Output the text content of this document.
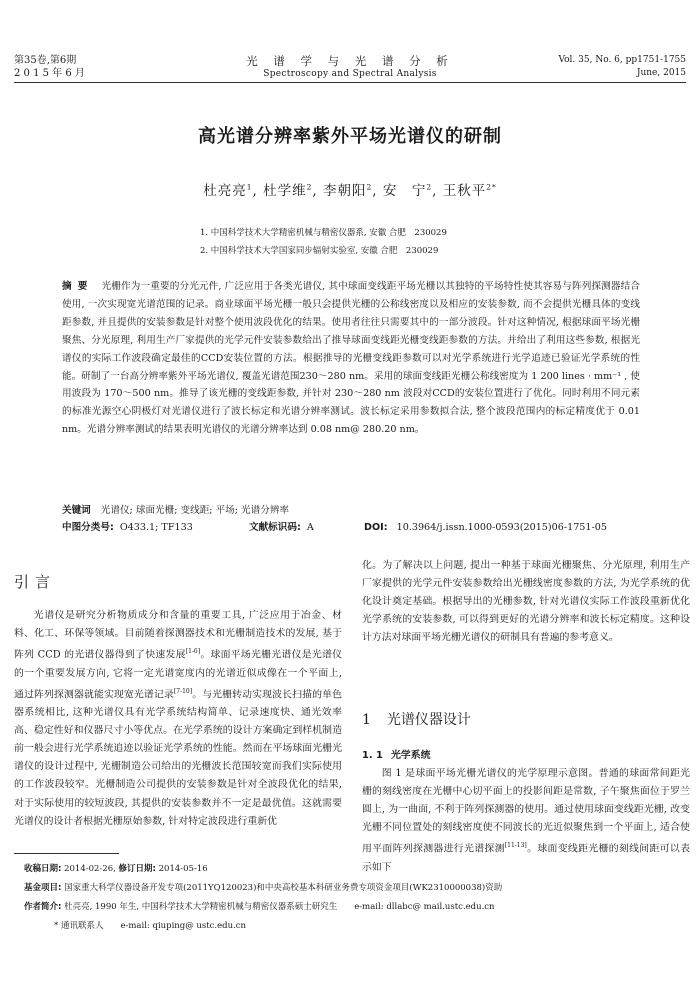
第35卷,第6期
2 0 1 5 年 6 月
光 谱 学 与 光 谱 分 析
Spectroscopy and Spectral Analysis
Vol. 35, No. 6, pp1751-1755
June, 2015
高光谱分辨率紫外平场光谱仪的研制
杜亮亮$^1$, 杜学维$^2$, 李朝阳$^2$, 安　宁$^2$, 王秋平$^{2*}$
1. 中国科学技术大学精密机械与精密仪器系, 安徽 合肥　230029
2. 中国科学技术大学国家同步辐射实验室, 安徽 合肥　230029
摘要 光栅作为一重要的分光元件, 广泛应用于各类光谱仪, 其中球面变线距平场光栅以其独特的平场特性使其容易与阵列探测器结合使用, 一次实现宽光谱范围的记录。商业球面平场光栅一般只会提供光栅的公称线密度以及相应的安装参数, 而不会提供光栅具体的变线距参数, 并且提供的安装参数是针对整个使用波段优化的结果。使用者往往只需要其中的一部分波段。针对这种情况, 根据球面平场光栅聚焦、分光原理, 利用生产厂家提供的光学元件安装参数给出了推导球面变线距光栅变线距参数的方法。并给出了利用这些参数, 根据光谱仪的实际工作波段确定最佳的CCD安装位置的方法。根据推导的光栅变线距参数可以对光学系统进行光学追迹已验证光学系统的性能。研制了一台高分辨率紫外平场光谱仪, 覆盖光谱范围230～280 nm。采用的球面变线距光栅公称线密度为 1 200 lines · mm⁻¹ , 使用波段为 170～500 nm。推导了该光栅的变线距参数, 并针对 230～280 nm 波段对CCD的安装位置进行了优化。同时利用不同元素的标准光源空心阴极灯对光谱仪进行了波长标定和光谱分辨率测试。波长标定采用参数拟合法, 整个波段范围内的标定精度优于 0.01 nm。光谱分辨率测试的结果表明光谱仪的光谱分辨率达到 0.08 nm@ 280.20 nm。
关键词 光谱仪; 球面光栅; 变线距; 平场; 光谱分辨率
中图分类号: O433.1; TF133	文献标识码: A	DOI: 10.3964/j.issn.1000-0593(2015)06-1751-05
引言

光谱仪是研究分析物质成分和含量的重要工具, 广泛应用于冶金、材料、化工、环保等领域。目前随着探测器技术和光栅制造技术的发展, 基于阵列 CCD 的光谱仪器得到了快速发展[1-6]。球面平场光栅光谱仪是光谱仪的一个重要发展方向, 它将一定光谱宽度内的光谱近似成像在一个平面上, 通过阵列探测器就能实现宽光谱记录[7-10]。与光栅转动实现波长扫描的单色器系统相比, 这种光谱仪具有光学系统结构简单、记录速度快、通光效率高、稳定性好和仪器尺寸小等优点。在光学系统的设计方案确定到样机制造前一般会进行光学系统追迹以验证光学系统的性能。然而在平场球面光栅光谱仪的设计过程中, 光栅制造公司给出的光栅波长范围较宽而我们实际使用的工作波段较窄。光栅制造公司提供的安装参数是针对全波段优化的结果, 对于实际使用的较短波段, 其提供的安装参数并不一定是最优值。这就需要光谱仪的设计者根据光栅原始参数, 针对特定波段进行重新优

化。为了解决以上问题, 提出一种基于球面光栅聚焦、分光原理, 利用生产厂家提供的光学元件安装参数给出光栅线密度参数的方法, 为光学系统的优化设计奠定基础。根据导出的光栅参数, 针对光谱仪实际工作波段重新优化光学系统的安装参数, 可以得到更好的光谱分辨率和波长标定精度。这种设计方法对球面平场光栅光谱仪的研制具有普遍的参考意义。

1 光谱仪器设计
1. 1 光学系统

图 1 是球面平场光栅光谱仪的光学原理示意图。普通的球面常间距光栅的刻线密度在光栅中心切平面上的投影间距是常数, 子午聚焦面位于罗兰圆上, 为一曲面, 不利于阵列探测器的使用。通过使用球面变线距光栅, 改变光栅不同位置处的刻线密度使不同波长的光近似聚焦到一个平面上, 适合使用平面阵列探测器进行光谱探测[11-13]。球面变线距光栅的刻线间距可以表示如下

收稿日期: 2014-02-26, 修订日期: 2014-05-16
基金项目: 国家重大科学仪器设备开发专项(2011YQ120023)和中央高校基本科研业务费专项资金项目(WK2310000038)资助
作者简介: 杜亮亮, 1990 年生, 中国科学技术大学精密机械与精密仪器系硕士研究生　　 e-mail: dllabc@ mail.ustc.edu.cn
* 通讯联系人　　 e-mail: qiuping@ ustc.edu.cn
